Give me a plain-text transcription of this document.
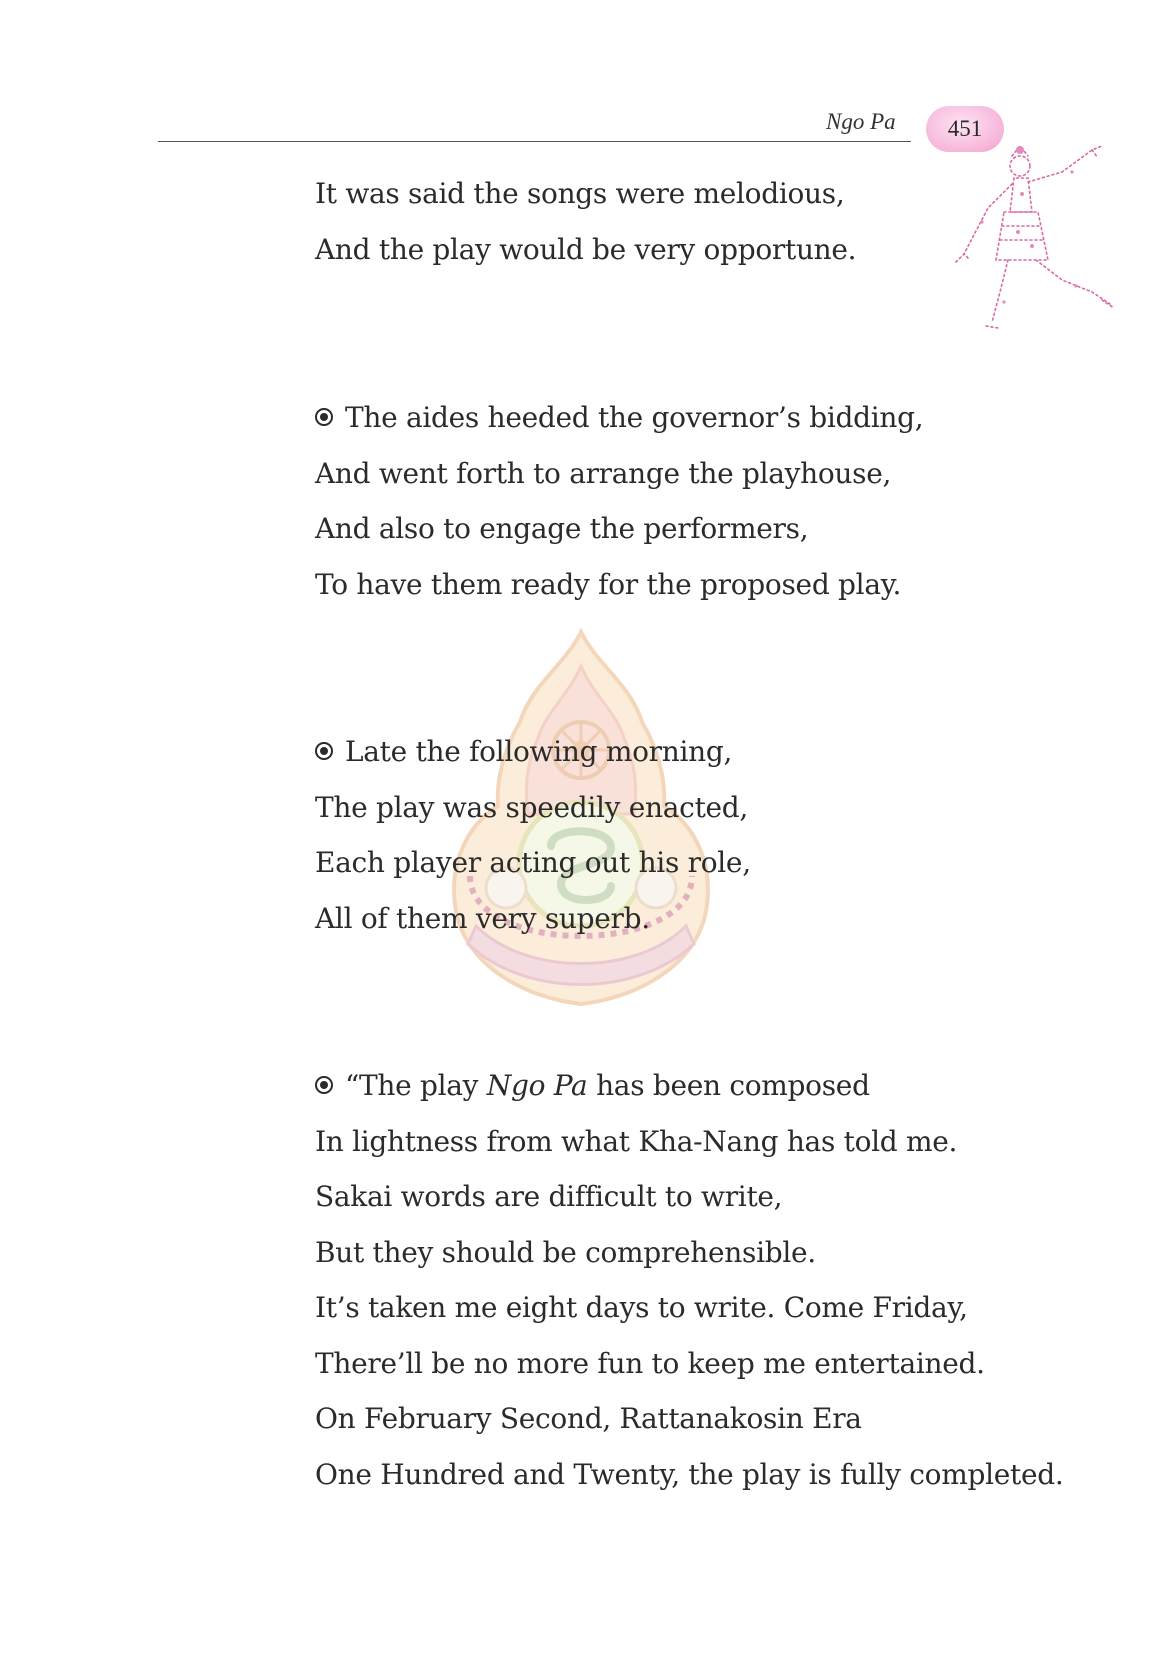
Ngo Pa	451
It was said the songs were melodious,
And the play would be very opportune.
The aides heeded the governor’s bidding,
And went forth to arrange the playhouse,
And also to engage the performers,
To have them ready for the proposed play.
Late the following morning,
The play was speedily enacted,
Each player acting out his role,
All of them very superb.
“The play Ngo Pa has been composed
In lightness from what Kha-Nang has told me.
Sakai words are difficult to write,
But they should be comprehensible.
It’s taken me eight days to write. Come Friday,
There’ll be no more fun to keep me entertained.
On February Second, Rattanakosin Era
One Hundred and Twenty, the play is fully completed.
